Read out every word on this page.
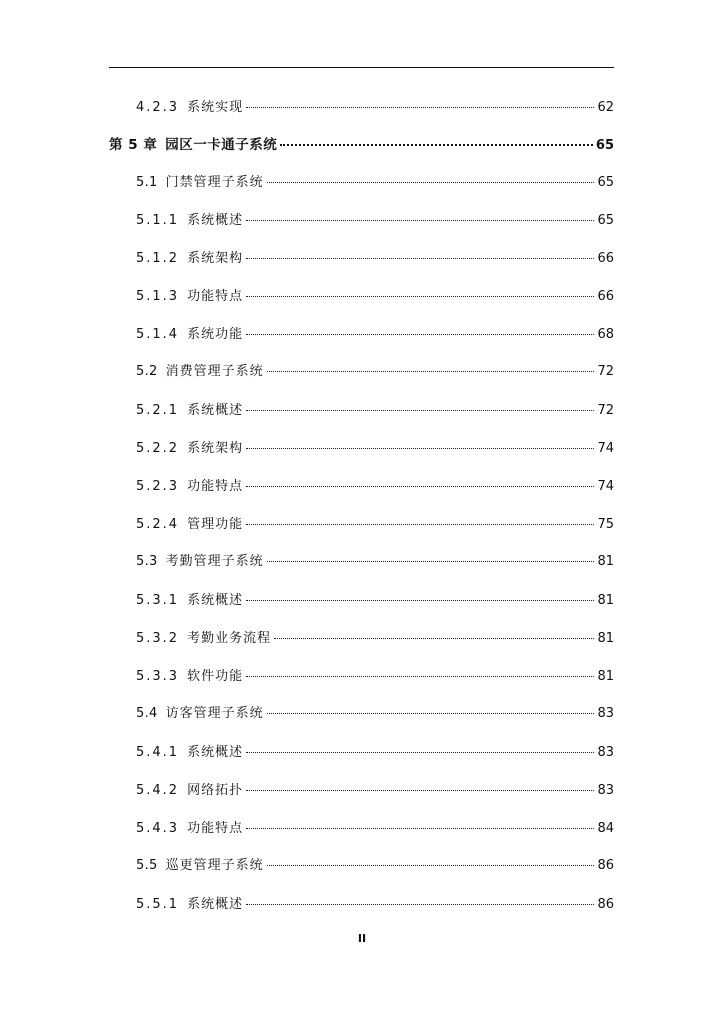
4.2.3 系统实现	62
第 5 章 园区一卡通子系统	65
5.1 门禁管理子系统	65
5.1.1 系统概述	65
5.1.2 系统架构	66
5.1.3 功能特点	66
5.1.4 系统功能	68
5.2 消费管理子系统	72
5.2.1 系统概述	72
5.2.2 系统架构	74
5.2.3 功能特点	74
5.2.4 管理功能	75
5.3 考勤管理子系统	81
5.3.1 系统概述	81
5.3.2 考勤业务流程	81
5.3.3 软件功能	81
5.4 访客管理子系统	83
5.4.1 系统概述	83
5.4.2 网络拓扑	83
5.4.3 功能特点	84
5.5 巡更管理子系统	86
5.5.1 系统概述	86
II
